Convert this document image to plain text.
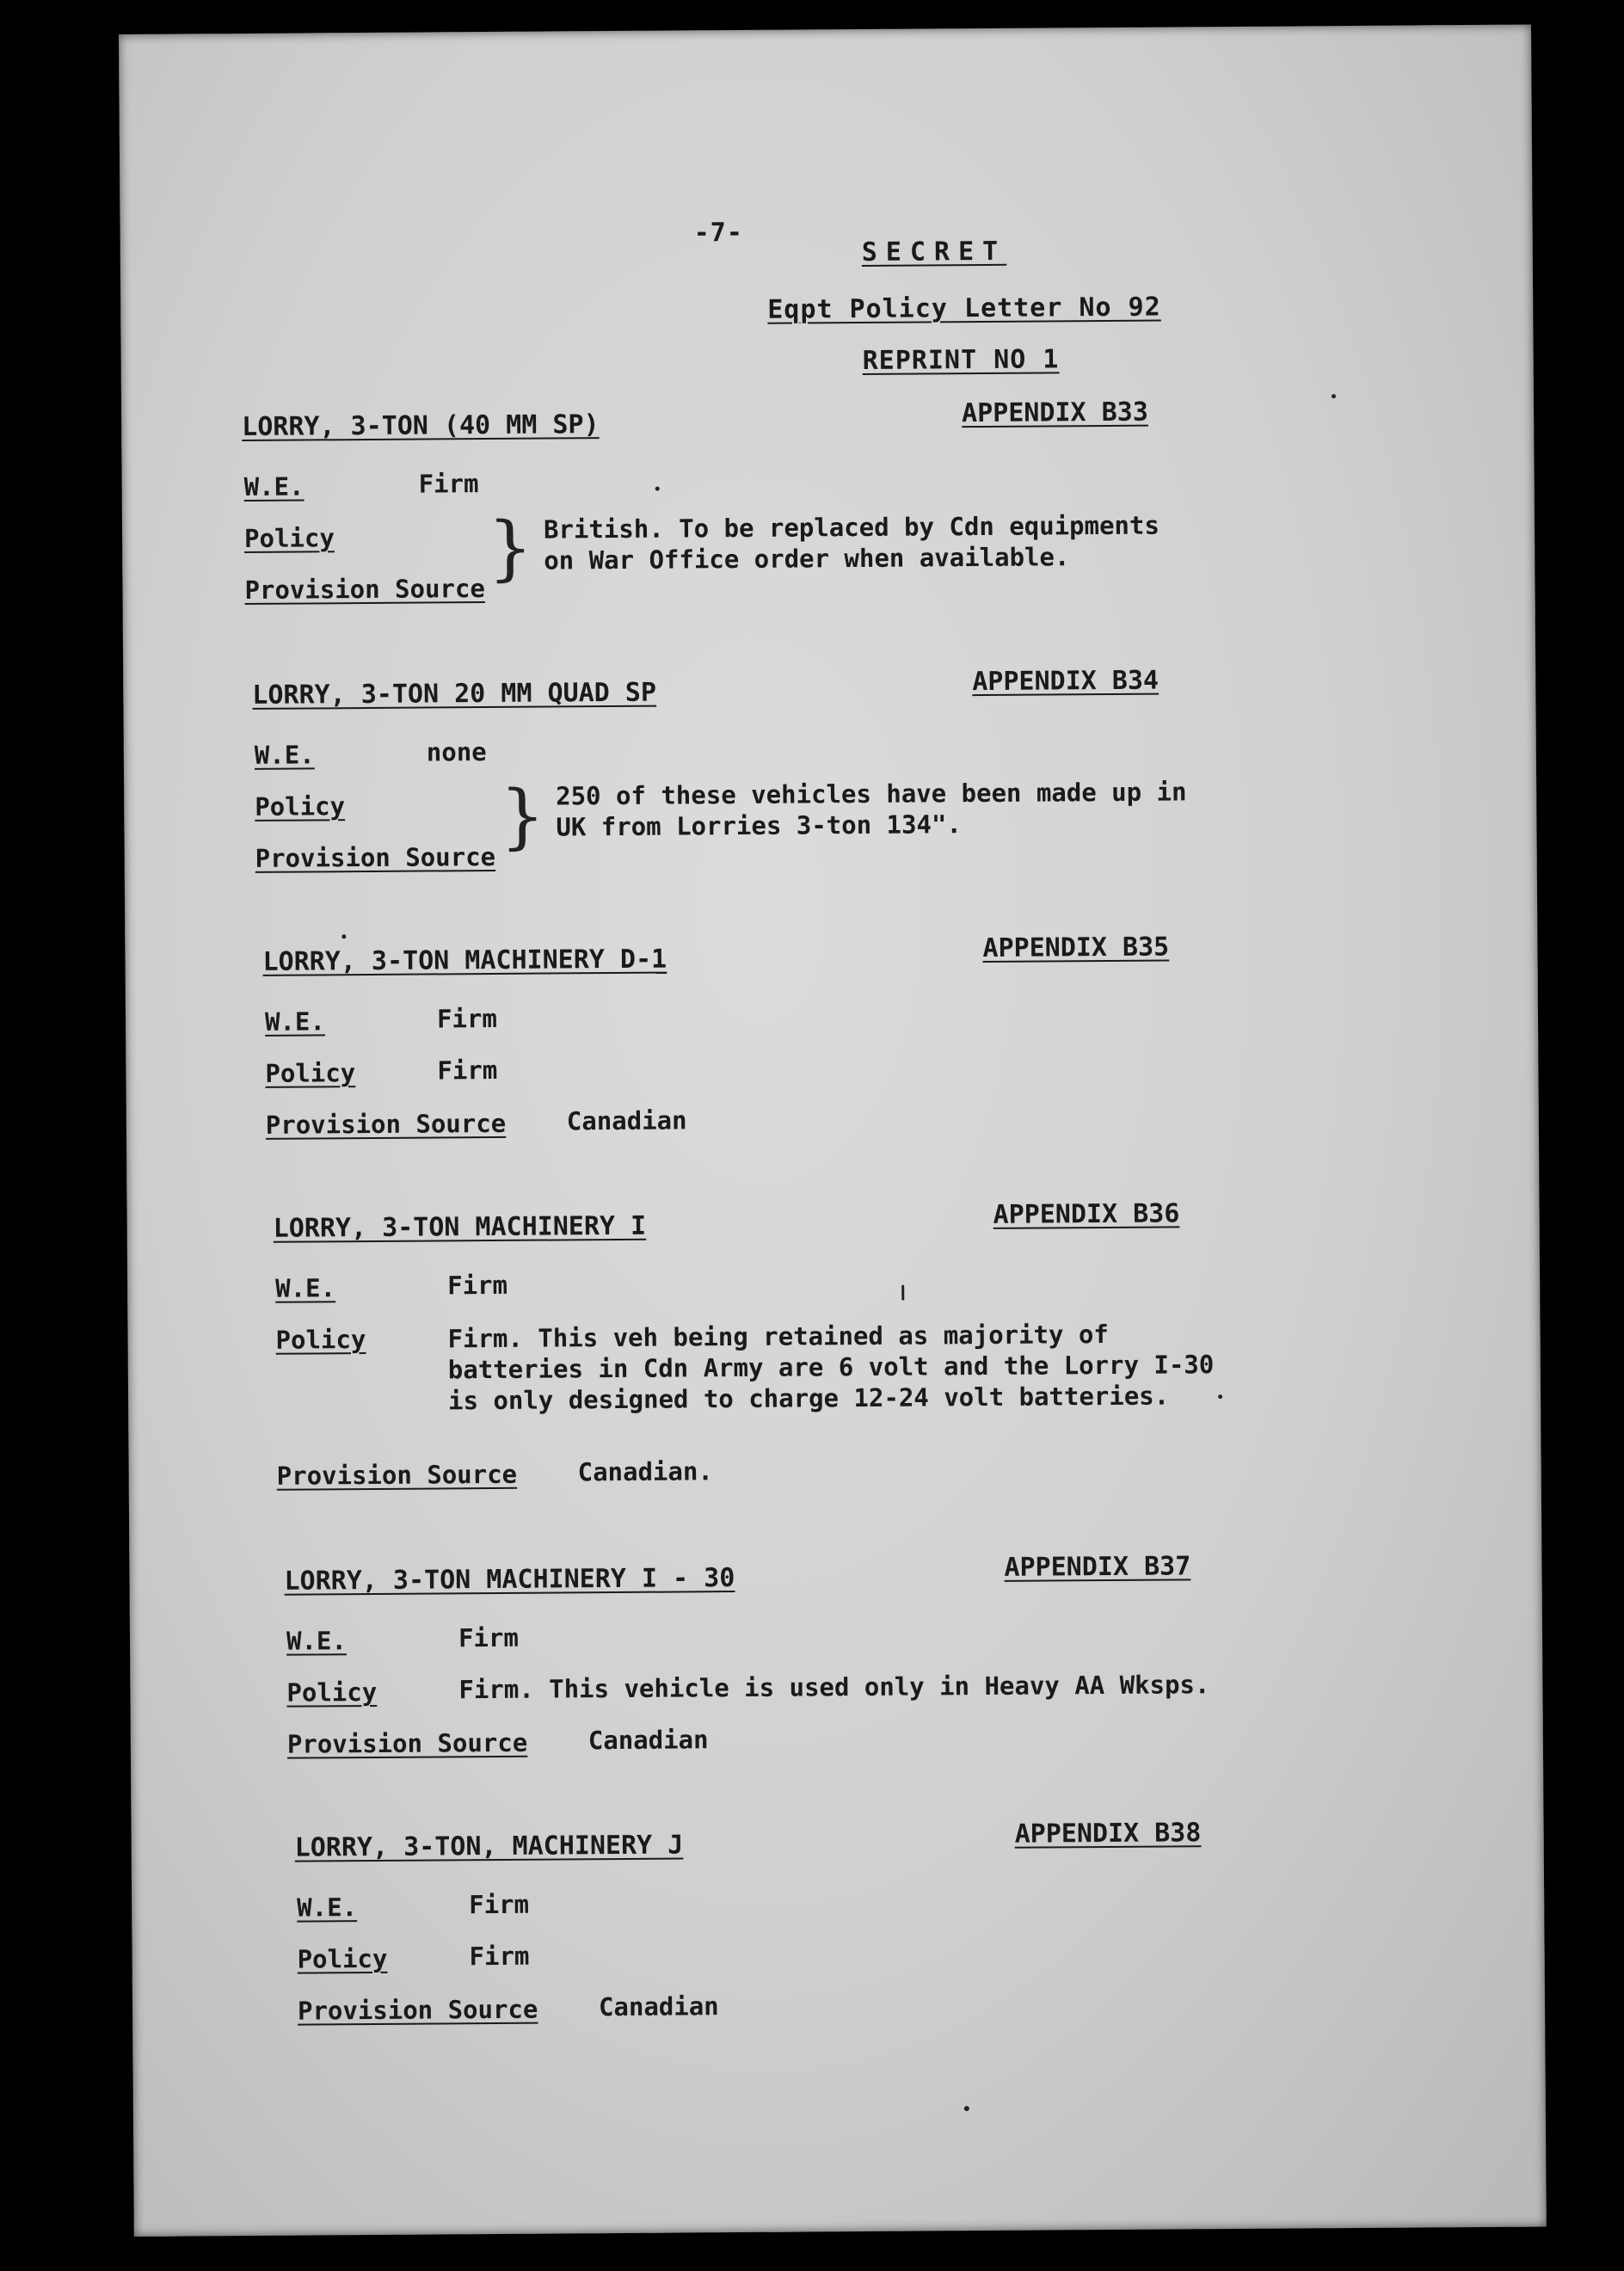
-7-
SECRET
Eqpt Policy Letter No 92
REPRINT NO 1
LORRY, 3-TON (40 MM SP)	APPENDIX B33
W.E.	Firm
Policy
Provision Source
} British. To be replaced by Cdn equipments
on War Office order when available.
LORRY, 3-TON 20 MM QUAD SP	APPENDIX B34
W.E.	none
Policy
Provision Source
} 250 of these vehicles have been made up in
UK from Lorries 3-ton 134".
LORRY, 3-TON MACHINERY D-1	APPENDIX B35
W.E.	Firm
Policy	Firm
Provision Source Canadian
LORRY, 3-TON MACHINERY I	APPENDIX B36
W.E.	Firm
Policy	Firm. This veh being retained as majority of
batteries in Cdn Army are 6 volt and the Lorry I-30
is only designed to charge 12-24 volt batteries.
Provision Source Canadian.
LORRY, 3-TON MACHINERY I - 30	APPENDIX B37
W.E.	Firm
Policy	Firm. This vehicle is used only in Heavy AA Wksps.
Provision Source Canadian
LORRY, 3-TON, MACHINERY J	APPENDIX B38
W.E.	Firm
Policy	Firm
Provision Source Canadian
